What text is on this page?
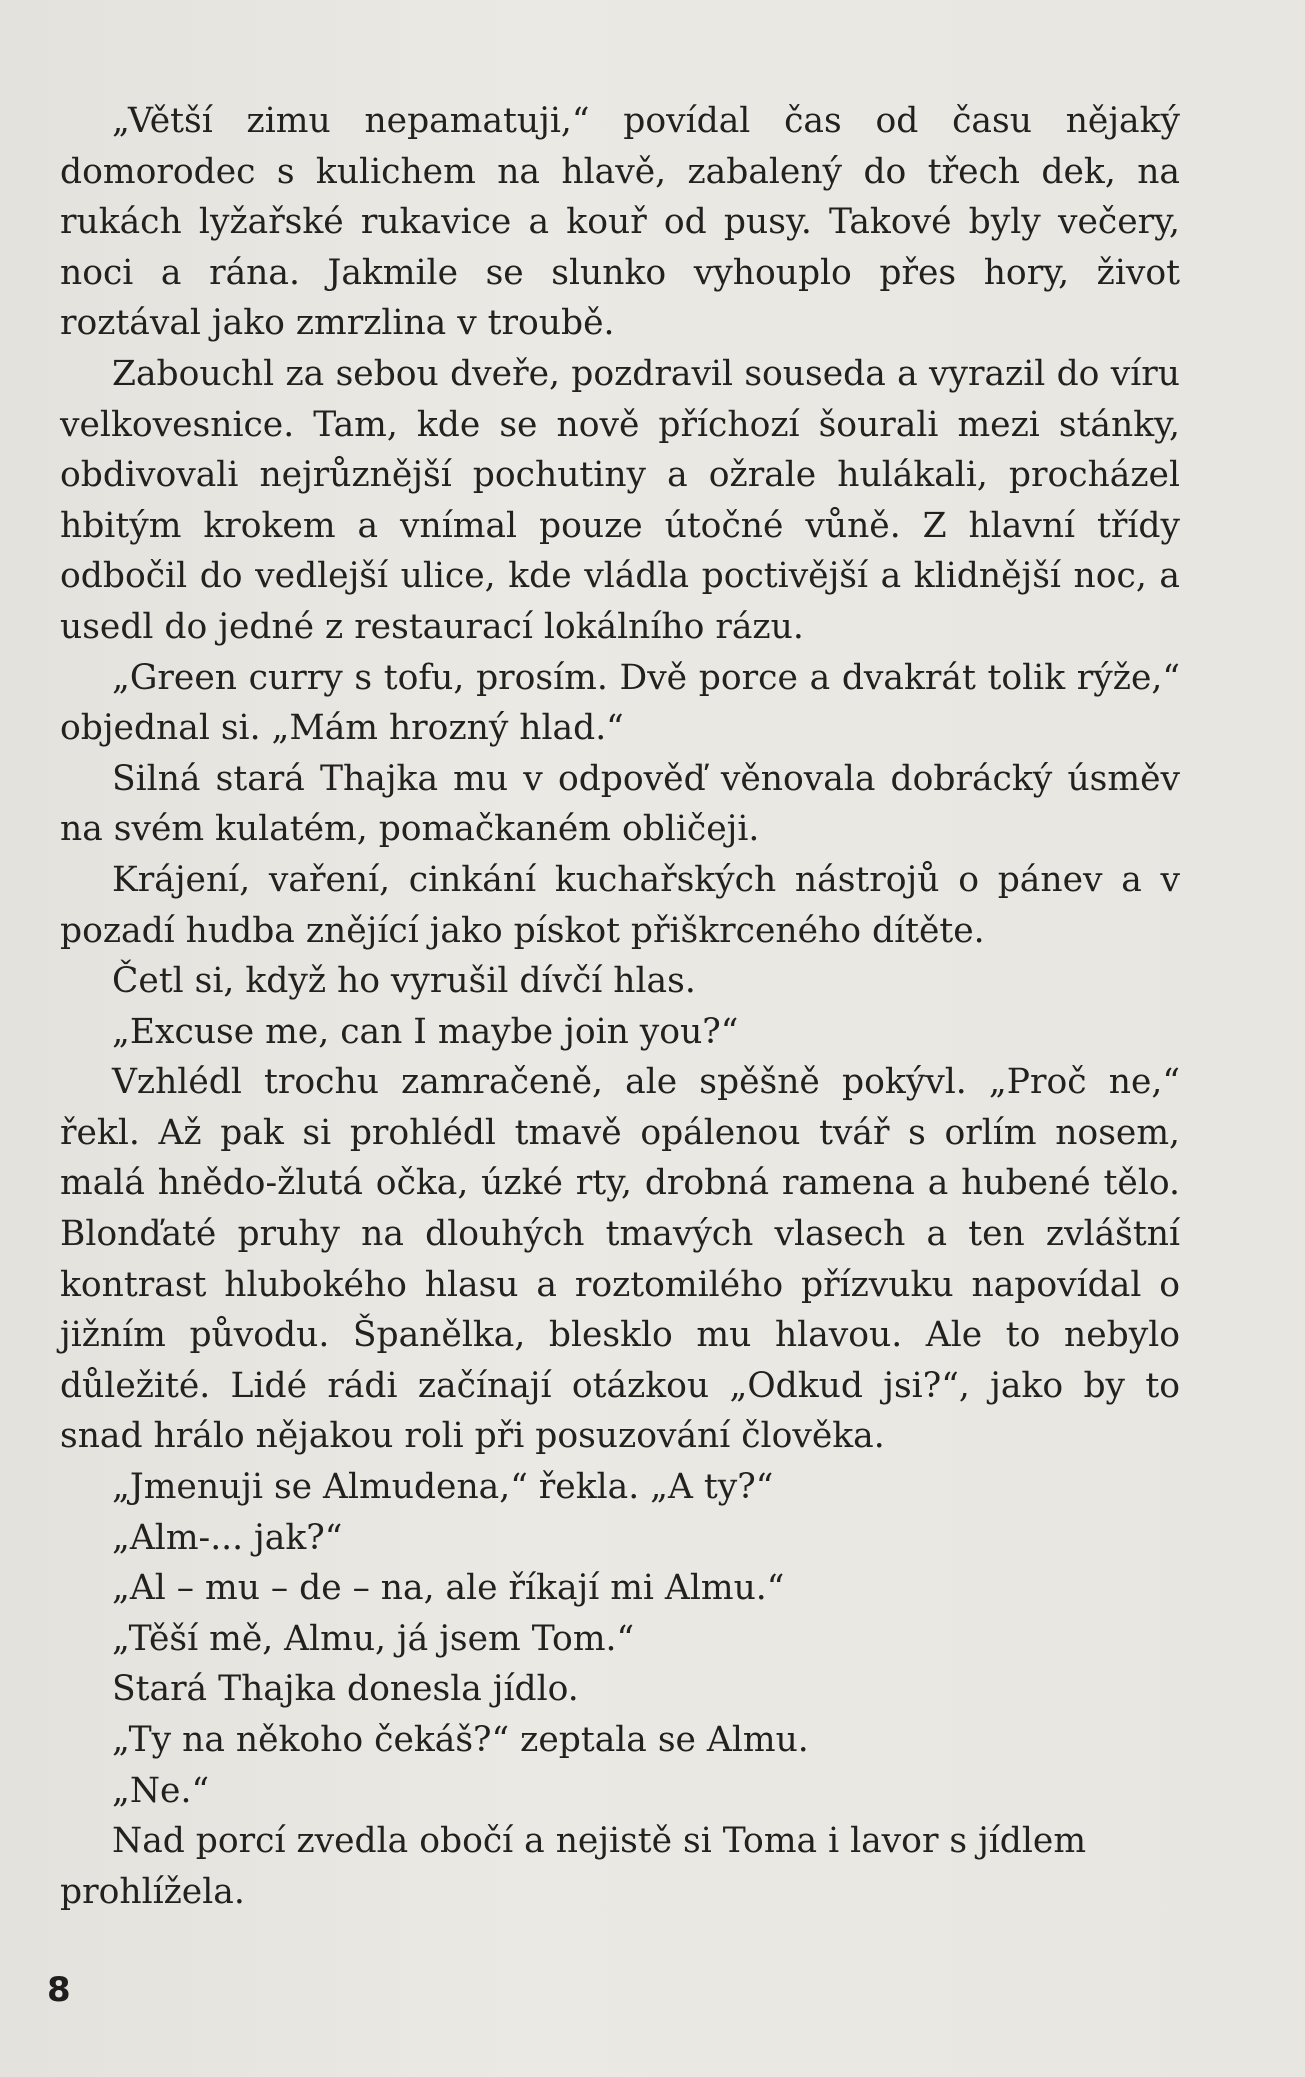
„Větší zimu nepamatuji,“ povídal čas od času nějaký domorodec s kulichem na hlavě, zabalený do třech dek, na rukách lyžařské rukavice a kouř od pusy. Takové byly večery, noci a rána. Jakmile se slunko vyhouplo přes hory, život roztával jako zmrzlina v troubě.

Zabouchl za sebou dveře, pozdravil souseda a vyrazil do víru velkovesnice. Tam, kde se nově příchozí šourali mezi stánky, obdivovali nejrůznější pochutiny a ožrale hulákali, procházel hbitým krokem a vnímal pouze útočné vůně. Z hlavní třídy odbočil do vedlejší ulice, kde vládla poctivější a klidnější noc, a usedl do jedné z restaurací lokálního rázu.

„Green curry s tofu, prosím. Dvě porce a dvakrát tolik rýže,“ objednal si. „Mám hrozný hlad.“

Silná stará Thajka mu v odpověď věnovala dobrácký úsměv na svém kulatém, pomačkaném obličeji.

Krájení, vaření, cinkání kuchařských nástrojů o pánev a v pozadí hudba znějící jako pískot přiškrceného dítěte.

Četl si, když ho vyrušil dívčí hlas.

„Excuse me, can I maybe join you?“

Vzhlédl trochu zamračeně, ale spěšně pokývl. „Proč ne,“ řekl. Až pak si prohlédl tmavě opálenou tvář s orlím nosem, malá hnědo-žlutá očka, úzké rty, drobná ramena a hubené tělo. Blonďaté pruhy na dlouhých tmavých vlasech a ten zvláštní kontrast hlubokého hlasu a roztomilého přízvuku napovídal o jižním původu. Španělka, blesklo mu hlavou. Ale to nebylo důležité. Lidé rádi začínají otázkou „Odkud jsi?“, jako by to snad hrálo nějakou roli při posuzování člověka.

„Jmenuji se Almudena,“ řekla. „A ty?“

„Alm-... jak?“

„Al – mu – de – na, ale říkají mi Almu.“

„Těší mě, Almu, já jsem Tom.“

Stará Thajka donesla jídlo.

„Ty na někoho čekáš?“ zeptala se Almu.

„Ne.“

Nad porcí zvedla obočí a nejistě si Toma i lavor s jídlem prohlížela.

8
